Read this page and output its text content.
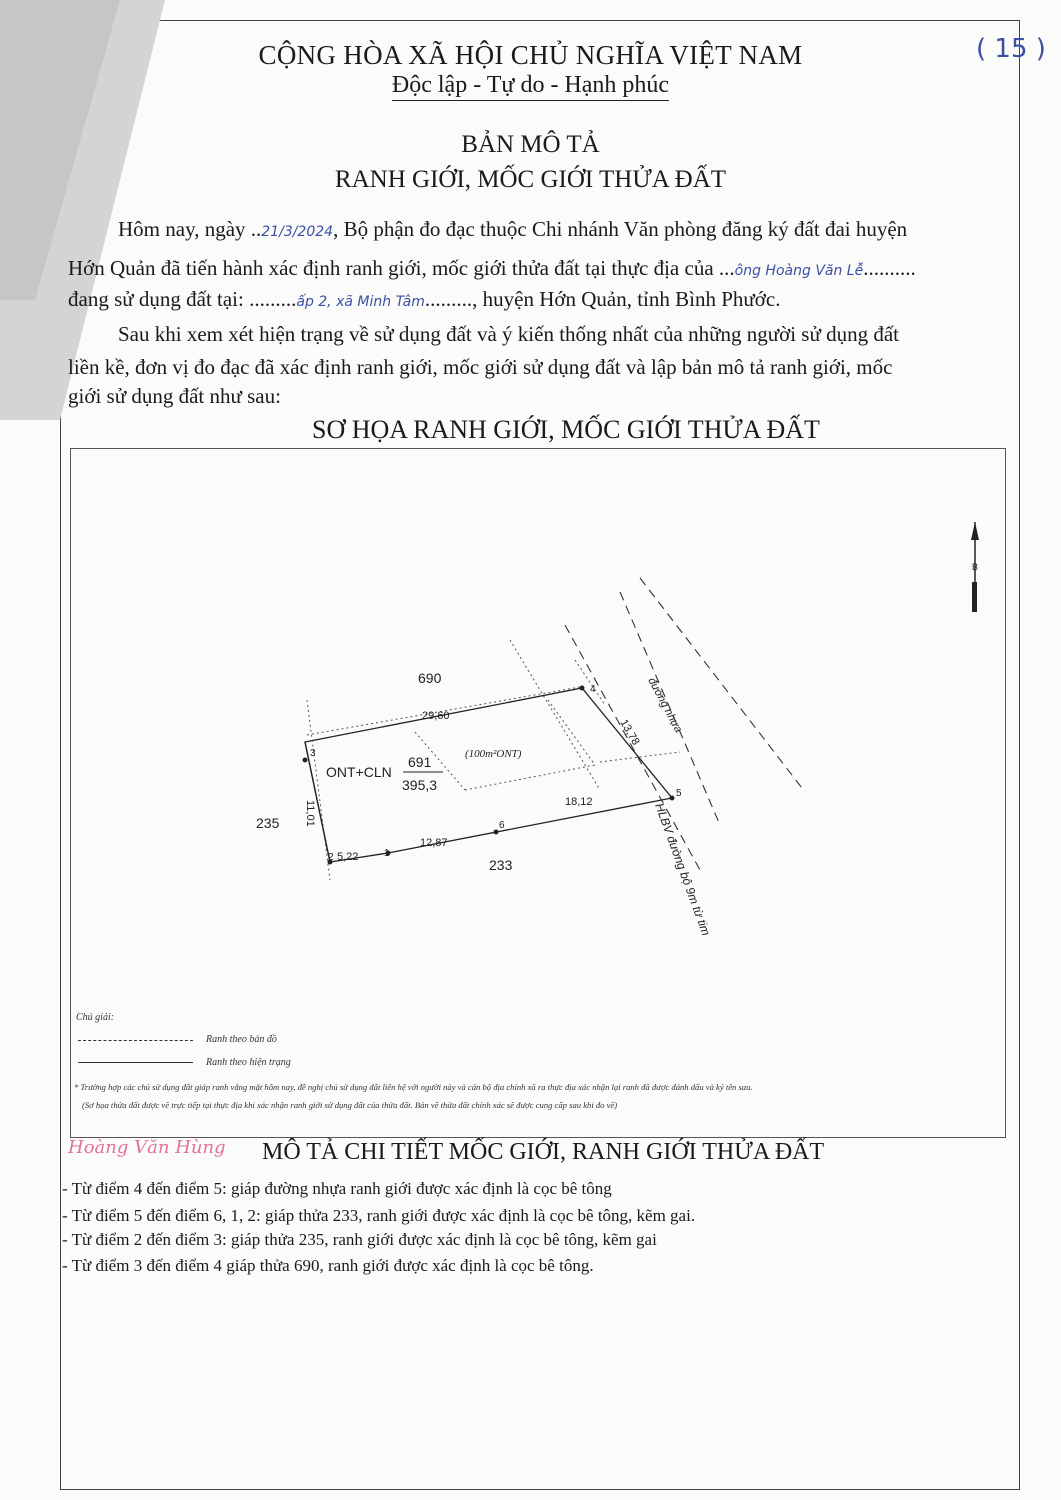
CỘNG HÒA XÃ HỘI CHỦ NGHĨA VIỆT NAM
Độc lập - Tự do - Hạnh phúc
( 15 )
BẢN MÔ TẢ
RANH GIỚI, MỐC GIỚI THỬA ĐẤT
Hôm nay, ngày ..21/3/2024, Bộ phận đo đạc thuộc Chi nhánh Văn phòng đăng ký đất đai huyện
Hớn Quản đã tiến hành xác định ranh giới, mốc giới thửa đất tại thực địa của ...ông Hoàng Văn Lễ..........
đang sử dụng đất tại: .........ấp 2, xã Minh Tâm........., huyện Hớn Quản, tỉnh Bình Phước.
Sau khi xem xét hiện trạng về sử dụng đất và ý kiến thống nhất của những người sử dụng đất
liền kề, đơn vị đo đạc đã xác định ranh giới, mốc giới sử dụng đất và lập bản mô tả ranh giới, mốc
giới sử dụng đất như sau:
SƠ HỌA RANH GIỚI, MỐC GIỚI THỬA ĐẤT
B
đường nhựa
HLBV đường bộ 9m từ tim
3
4
5
6
1
2
29,60
13,78
18,12
12,87
5,22
11,01
690
235
233
ONT+CLN
691
395,3
(100m²ONT)
Chú giải:
Ranh theo bản đồ
Ranh theo hiện trạng
* Trường hợp các chủ sử dụng đất giáp ranh vắng mặt hôm nay, đề nghị chủ sử dụng đất liên hệ với người này và cán bộ địa chính xã ra thực địa xác nhận lại ranh đã được đánh dấu và ký tên sau.
(Sơ họa thửa đất được vẽ trực tiếp tại thực địa khi xác nhận ranh giới sử dụng đất của thửa đất. Bản vẽ thửa đất chính xác sẽ được cung cấp sau khi đo vẽ)
Hoàng Văn Hùng MÔ TẢ CHI TIẾT MỐC GIỚI, RANH GIỚI THỬA ĐẤT
- Từ điểm 4 đến điểm 5: giáp đường nhựa ranh giới được xác định là cọc bê tông
- Từ điểm 5 đến điểm 6, 1, 2: giáp thửa 233, ranh giới được xác định là cọc bê tông, kẽm gai.
- Từ điểm 2 đến điểm 3: giáp thửa 235, ranh giới được xác định là cọc bê tông, kẽm gai
- Từ điểm 3 đến điểm 4 giáp thửa 690, ranh giới được xác định là cọc bê tông.
